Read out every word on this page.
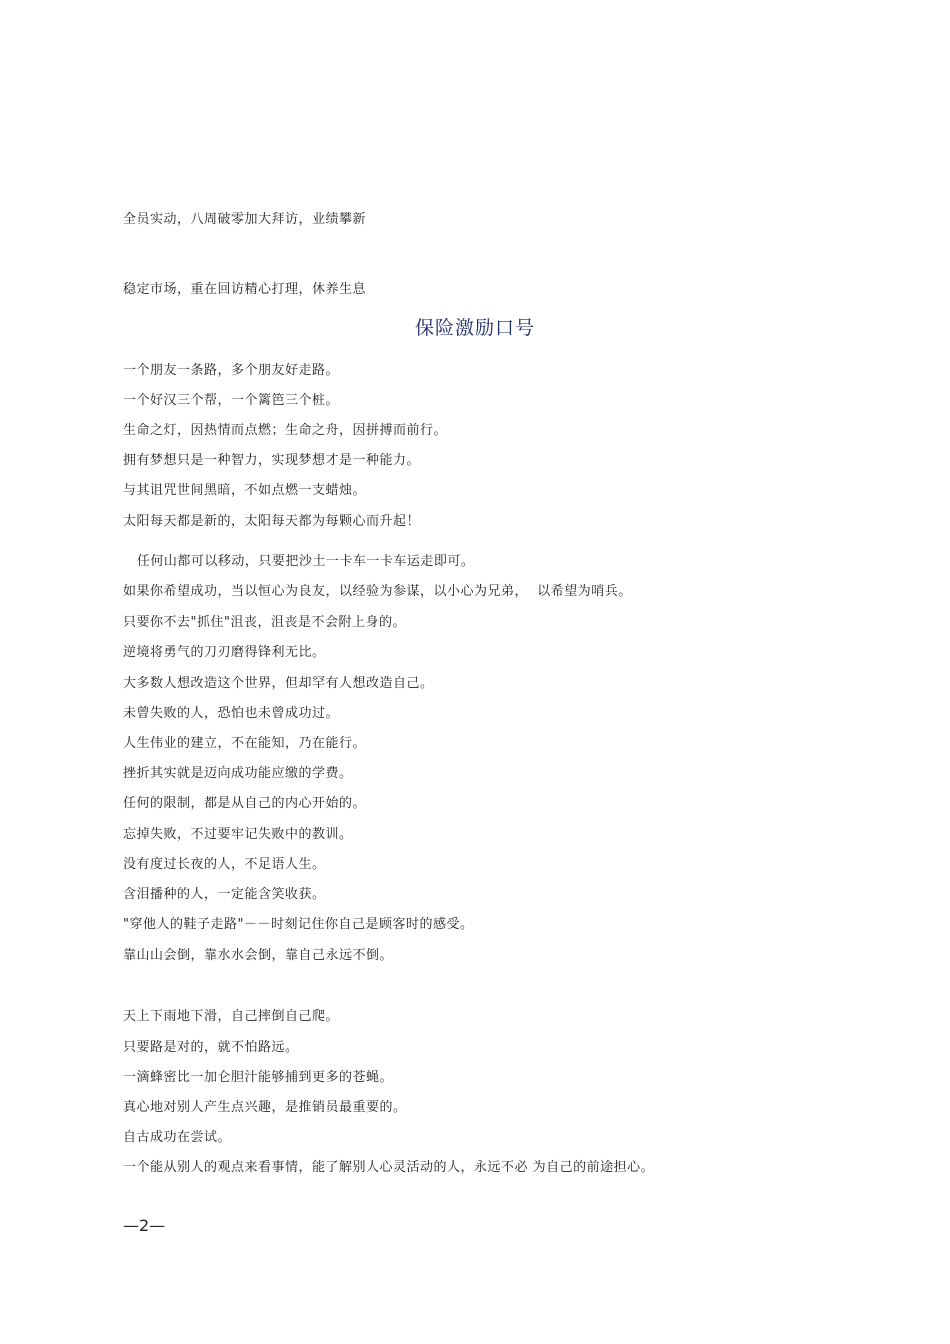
全员实动，八周破零加大拜访，业绩攀新
稳定市场，重在回访精心打理，休养生息
保险激励口号
一个朋友一条路，多个朋友好走路。
一个好汉三个帮，一个篱笆三个桩。
生命之灯，因热情而点燃；生命之舟，因拼搏而前行。
拥有梦想只是一种智力，实现梦想才是一种能力。
与其诅咒世间黑暗，不如点燃一支蜡烛。
太阳每天都是新的，太阳每天都为每颗心而升起！
任何山都可以移动，只要把沙土一卡车一卡车运走即可。
如果你希望成功，当以恒心为良友，以经验为参谋，以小心为兄弟，  以希望为哨兵。
只要你不去"抓住"沮丧，沮丧是不会附上身的。
逆境将勇气的刀刃磨得锋利无比。
大多数人想改造这个世界，但却罕有人想改造自己。
未曾失败的人，恐怕也未曾成功过。
人生伟业的建立，不在能知，乃在能行。
挫折其实就是迈向成功能应缴的学费。
任何的限制，都是从自己的内心开始的。
忘掉失败，不过要牢记失败中的教训。
没有度过长夜的人，不足语人生。
含泪播种的人，一定能含笑收获。
"穿他人的鞋子走路"－－时刻记住你自己是顾客时的感受。
靠山山会倒，靠水水会倒，靠自己永远不倒。
天上下雨地下滑，自己摔倒自己爬。
只要路是对的，就不怕路远。
一滴蜂密比一加仑胆汁能够捕到更多的苍蝇。
真心地对别人产生点兴趣，是推销员最重要的。
自古成功在尝试。
一个能从别人的观点来看事情，能了解别人心灵活动的人，永远不必 为自己的前途担心。
—2—
